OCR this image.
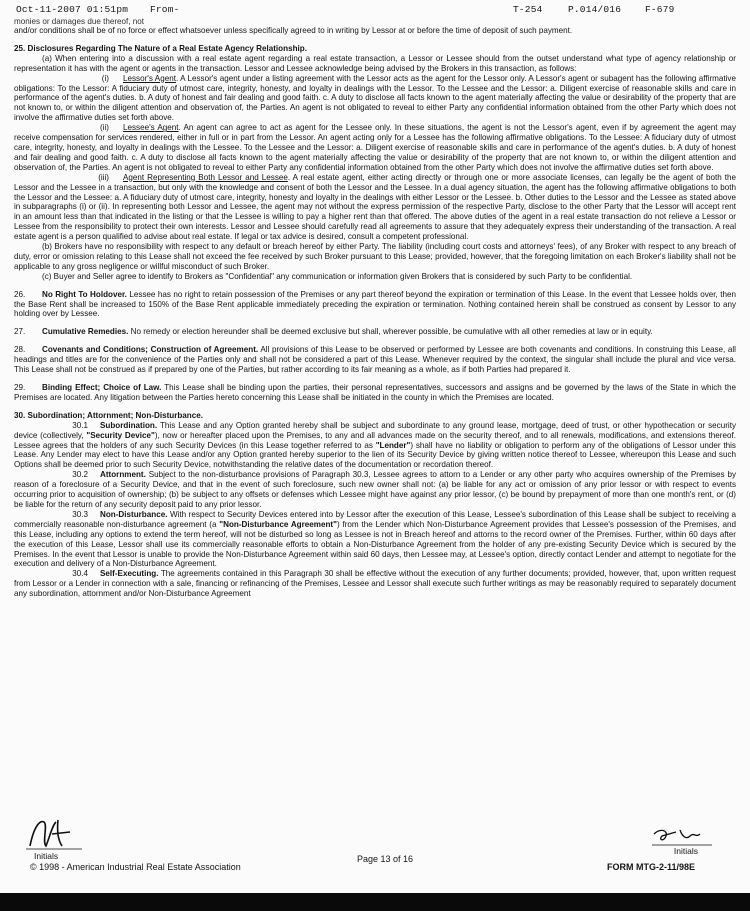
Oct-11-2007 01:51pm From-	T-254	P.014/016	F-679
monies or damages due thereof, not

and/or conditions shall be of no force or effect whatsoever unless specifically agreed to in writing by Lessor at or before the time of deposit of such payment.

25. Disclosures Regarding The Nature of a Real Estate Agency Relationship.

(a) When entering into a discussion with a real estate agent regarding a real estate transaction, a Lessor or Lessee should from the outset understand what type of agency relationship or representation it has with the agent or agents in the transaction. Lessor and Lessee acknowledge being advised by the Brokers in this transaction, as follows:

(i) Lessor's Agent. A Lessor's agent under a listing agreement with the Lessor acts as the agent for the Lessor only. A Lessor's agent or subagent has the following affirmative obligations: To the Lessor: A fiduciary duty of utmost care, integrity, honesty, and loyalty in dealings with the Lessor. To the Lessee and the Lessor: a. Diligent exercise of reasonable skills and care in performance of the agent's duties. b. A duty of honest and fair dealing and good faith. c. A duty to disclose all facts known to the agent materially affecting the value or desirability of the property that are not known to, or within the diligent attention and observation of, the Parties. An agent is not obligated to reveal to either Party any confidential information obtained from the other Party which does not involve the affirmative duties set forth above.

(ii) Lessee's Agent. An agent can agree to act as agent for the Lessee only. In these situations, the agent is not the Lessor's agent, even if by agreement the agent may receive compensation for services rendered, either in full or in part from the Lessor. An agent acting only for a Lessee has the following affirmative obligations. To the Lessee: A fiduciary duty of utmost care, integrity, honesty, and loyalty in dealings with the Lessee. To the Lessee and the Lessor: a. Diligent exercise of reasonable skills and care in performance of the agent's duties. b. A duty of honest and fair dealing and good faith. c. A duty to disclose all facts known to the agent materially affecting the value or desirability of the property that are not known to, or within the diligent attention and observation of, the Parties. An agent is not obligated to reveal to either Party any confidential information obtained from the other Party which does not involve the affirmative duties set forth above.

(iii) Agent Representing Both Lessor and Lessee. A real estate agent, either acting directly or through one or more associate licenses, can legally be the agent of both the Lessor and the Lessee in a transaction, but only with the knowledge and consent of both the Lessor and the Lessee. In a dual agency situation, the agent has the following affirmative obligations to both the Lessor and the Lessee: a. A fiduciary duty of utmost care, integrity, honesty and loyalty in the dealings with either Lessor or the Lessee. b. Other duties to the Lessor and the Lessee as stated above in subparagraphs (i) or (ii). In representing both Lessor and Lessee, the agent may not without the express permission of the respective Party, disclose to the other Party that the Lessor will accept rent in an amount less than that indicated in the listing or that the Lessee is willing to pay a higher rent than that offered. The above duties of the agent in a real estate transaction do not relieve a Lessor or Lessee from the responsibility to protect their own interests. Lessor and Lessee should carefully read all agreements to assure that they adequately express their understanding of the transaction. A real estate agent is a person qualified to advise about real estate. If legal or tax advice is desired, consult a competent professional.

(b) Brokers have no responsibility with respect to any default or breach hereof by either Party. The liability (including court costs and attorneys' fees), of any Broker with respect to any breach of duty, error or omission relating to this Lease shall not exceed the fee received by such Broker pursuant to this Lease; provided, however, that the foregoing limitation on each Broker's liability shall not be applicable to any gross negligence or willful misconduct of such Broker.

(c) Buyer and Seller agree to identify to Brokers as "Confidential" any communication or information given Brokers that is considered by such Party to be confidential.

26. No Right To Holdover. Lessee has no right to retain possession of the Premises or any part thereof beyond the expiration or termination of this Lease. In the event that Lessee holds over, then the Base Rent shall be increased to 150% of the Base Rent applicable immediately preceding the expiration or termination. Nothing contained herein shall be construed as consent by Lessor to any holding over by Lessee.

27. Cumulative Remedies. No remedy or election hereunder shall be deemed exclusive but shall, wherever possible, be cumulative with all other remedies at law or in equity.

28. Covenants and Conditions; Construction of Agreement. All provisions of this Lease to be observed or performed by Lessee are both covenants and conditions. In construing this Lease, all headings and titles are for the convenience of the Parties only and shall not be considered a part of this Lease. Whenever required by the context, the singular shall include the plural and vice versa. This Lease shall not be construed as if prepared by one of the Parties, but rather according to its fair meaning as a whole, as if both Parties had prepared it.

29. Binding Effect; Choice of Law. This Lease shall be binding upon the parties, their personal representatives, successors and assigns and be governed by the laws of the State in which the Premises are located. Any litigation between the Parties hereto concerning this Lease shall be initiated in the county in which the Premises are located.

30. Subordination; Attornment; Non-Disturbance.

30.1 Subordination. This Lease and any Option granted hereby shall be subject and subordinate to any ground lease, mortgage, deed of trust, or other hypothecation or security device (collectively, "Security Device"), now or hereafter placed upon the Premises, to any and all advances made on the security thereof, and to all renewals, modifications, and extensions thereof. Lessee agrees that the holders of any such Security Devices (in this Lease together referred to as "Lender") shall have no liability or obligation to perform any of the obligations of Lessor under this Lease. Any Lender may elect to have this Lease and/or any Option granted hereby superior to the lien of its Security Device by giving written notice thereof to Lessee, whereupon this Lease and such Options shall be deemed prior to such Security Device, notwithstanding the relative dates of the documentation or recordation thereof.

30.2 Attornment. Subject to the non-disturbance provisions of Paragraph 30.3, Lessee agrees to attorn to a Lender or any other party who acquires ownership of the Premises by reason of a foreclosure of a Security Device, and that in the event of such foreclosure, such new owner shall not: (a) be liable for any act or omission of any prior lessor or with respect to events occurring prior to acquisition of ownership; (b) be subject to any offsets or defenses which Lessee might have against any prior lessor, (c) be bound by prepayment of more than one month's rent, or (d) be liable for the return of any security deposit paid to any prior lessor.

30.3 Non-Disturbance. With respect to Security Devices entered into by Lessor after the execution of this Lease, Lessee's subordination of this Lease shall be subject to receiving a commercially reasonable non-disturbance agreement (a "Non-Disturbance Agreement") from the Lender which Non-Disturbance Agreement provides that Lessee's possession of the Premises, and this Lease, including any options to extend the term hereof, will not be disturbed so long as Lessee is not in Breach hereof and attorns to the record owner of the Premises. Further, within 60 days after the execution of this Lease, Lessor shall use its commercially reasonable efforts to obtain a Non-Disturbance Agreement from the holder of any pre-existing Security Device which is secured by the Premises. In the event that Lessor is unable to provide the Non-Disturbance Agreement within said 60 days, then Lessee may, at Lessee's option, directly contact Lender and attempt to negotiate for the execution and delivery of a Non-Disturbance Agreement.

30.4 Self-Executing. The agreements contained in this Paragraph 30 shall be effective without the execution of any further documents; provided, however, that, upon written request from Lessor or a Lender in connection with a sale, financing or refinancing of the Premises, Lessee and Lessor shall execute such further writings as may be reasonably required to separately document any subordination, attornment and/or Non-Disturbance Agreement

Initials	Initials
© 1998 - American Industrial Real Estate Association
Page 13 of 16
FORM MTG-2-11/98E
